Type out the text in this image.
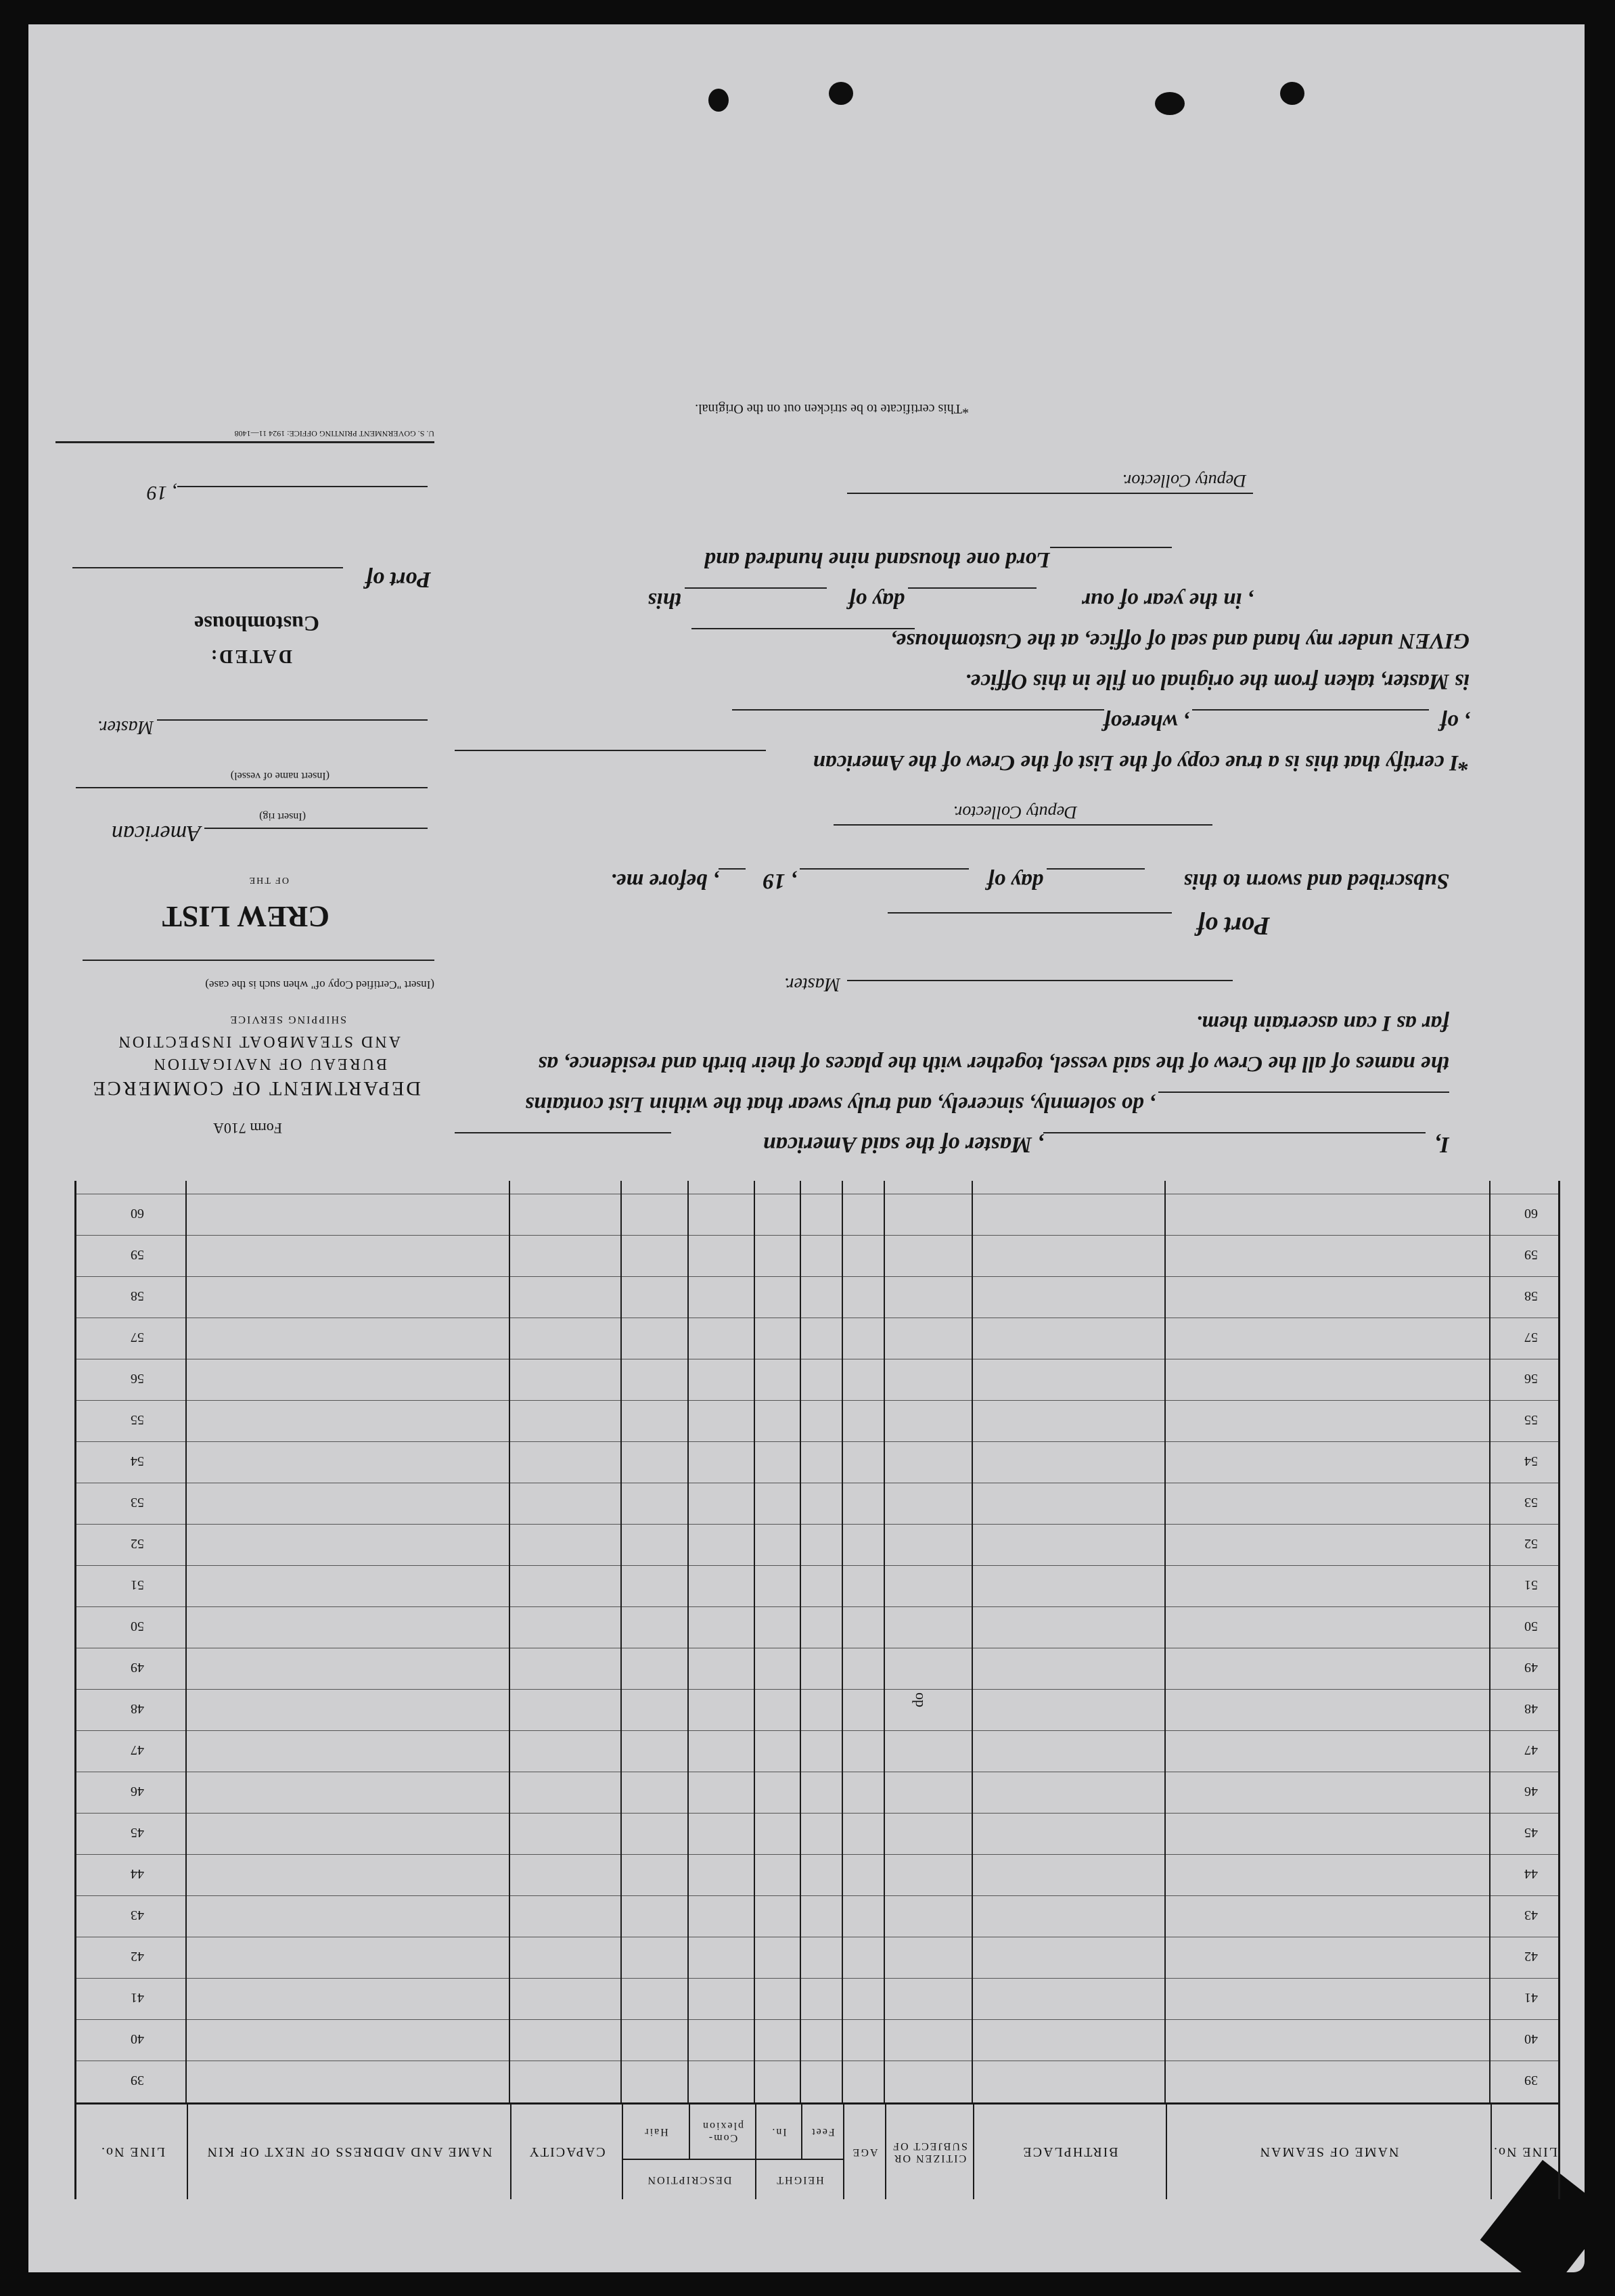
Form 710A
DEPARTMENT OF COMMERCE
BUREAU OF NAVIGATION
AND STEAMBOAT INSPECTION
SHIPPING SERVICE
(Insert "Certified Copy of" when such is the case)
CREW LIST
OF THE
American
(Insert rig)
(Insert name of vessel)
Master.
DATED:
Customhouse
Port of
, 19
U. S. GOVERNMENT PRINTING OFFICE: 1924 11—1408
I,
, Master of the said American
, do solemnly, sincerely, and truly swear that the within List contains
the names of all the Crew of the said vessel, together with the places of their birth and residence, as
far as I can ascertain them.
Master.
Port of
Subscribed and sworn to this
day of
, 19
, before me.
Deputy Collector.
*I certify that this is a true copy of the List of the Crew of the American
, of
, whereof
is Master, taken from the original on file in this Office.
GIVEN under my hand and seal of office, at the Customhouse,
this	day of	, in the year of our
Lord one thousand nine hundred and
Deputy Collector.
*This certificate to be stricken out on the Original.
LINE No.
NAME OF SEAMAN
BIRTHPLACE
CITIZEN OR SUBJECT OF
AGE
HEIGHT
Feet
In.
DESCRIPTION
Com- plexion
Hair
CAPACITY
NAME AND ADDRESS OF NEXT OF KIN
LINE No.
39
39
40
40
41
41
42
42
43
43
44
44
45
45
46
46
47
47
48
48
49
49
50
50
51
51
52
52
53
53
54
54
55
55
56
56
57
57
58
58
59
59
60
60
do
